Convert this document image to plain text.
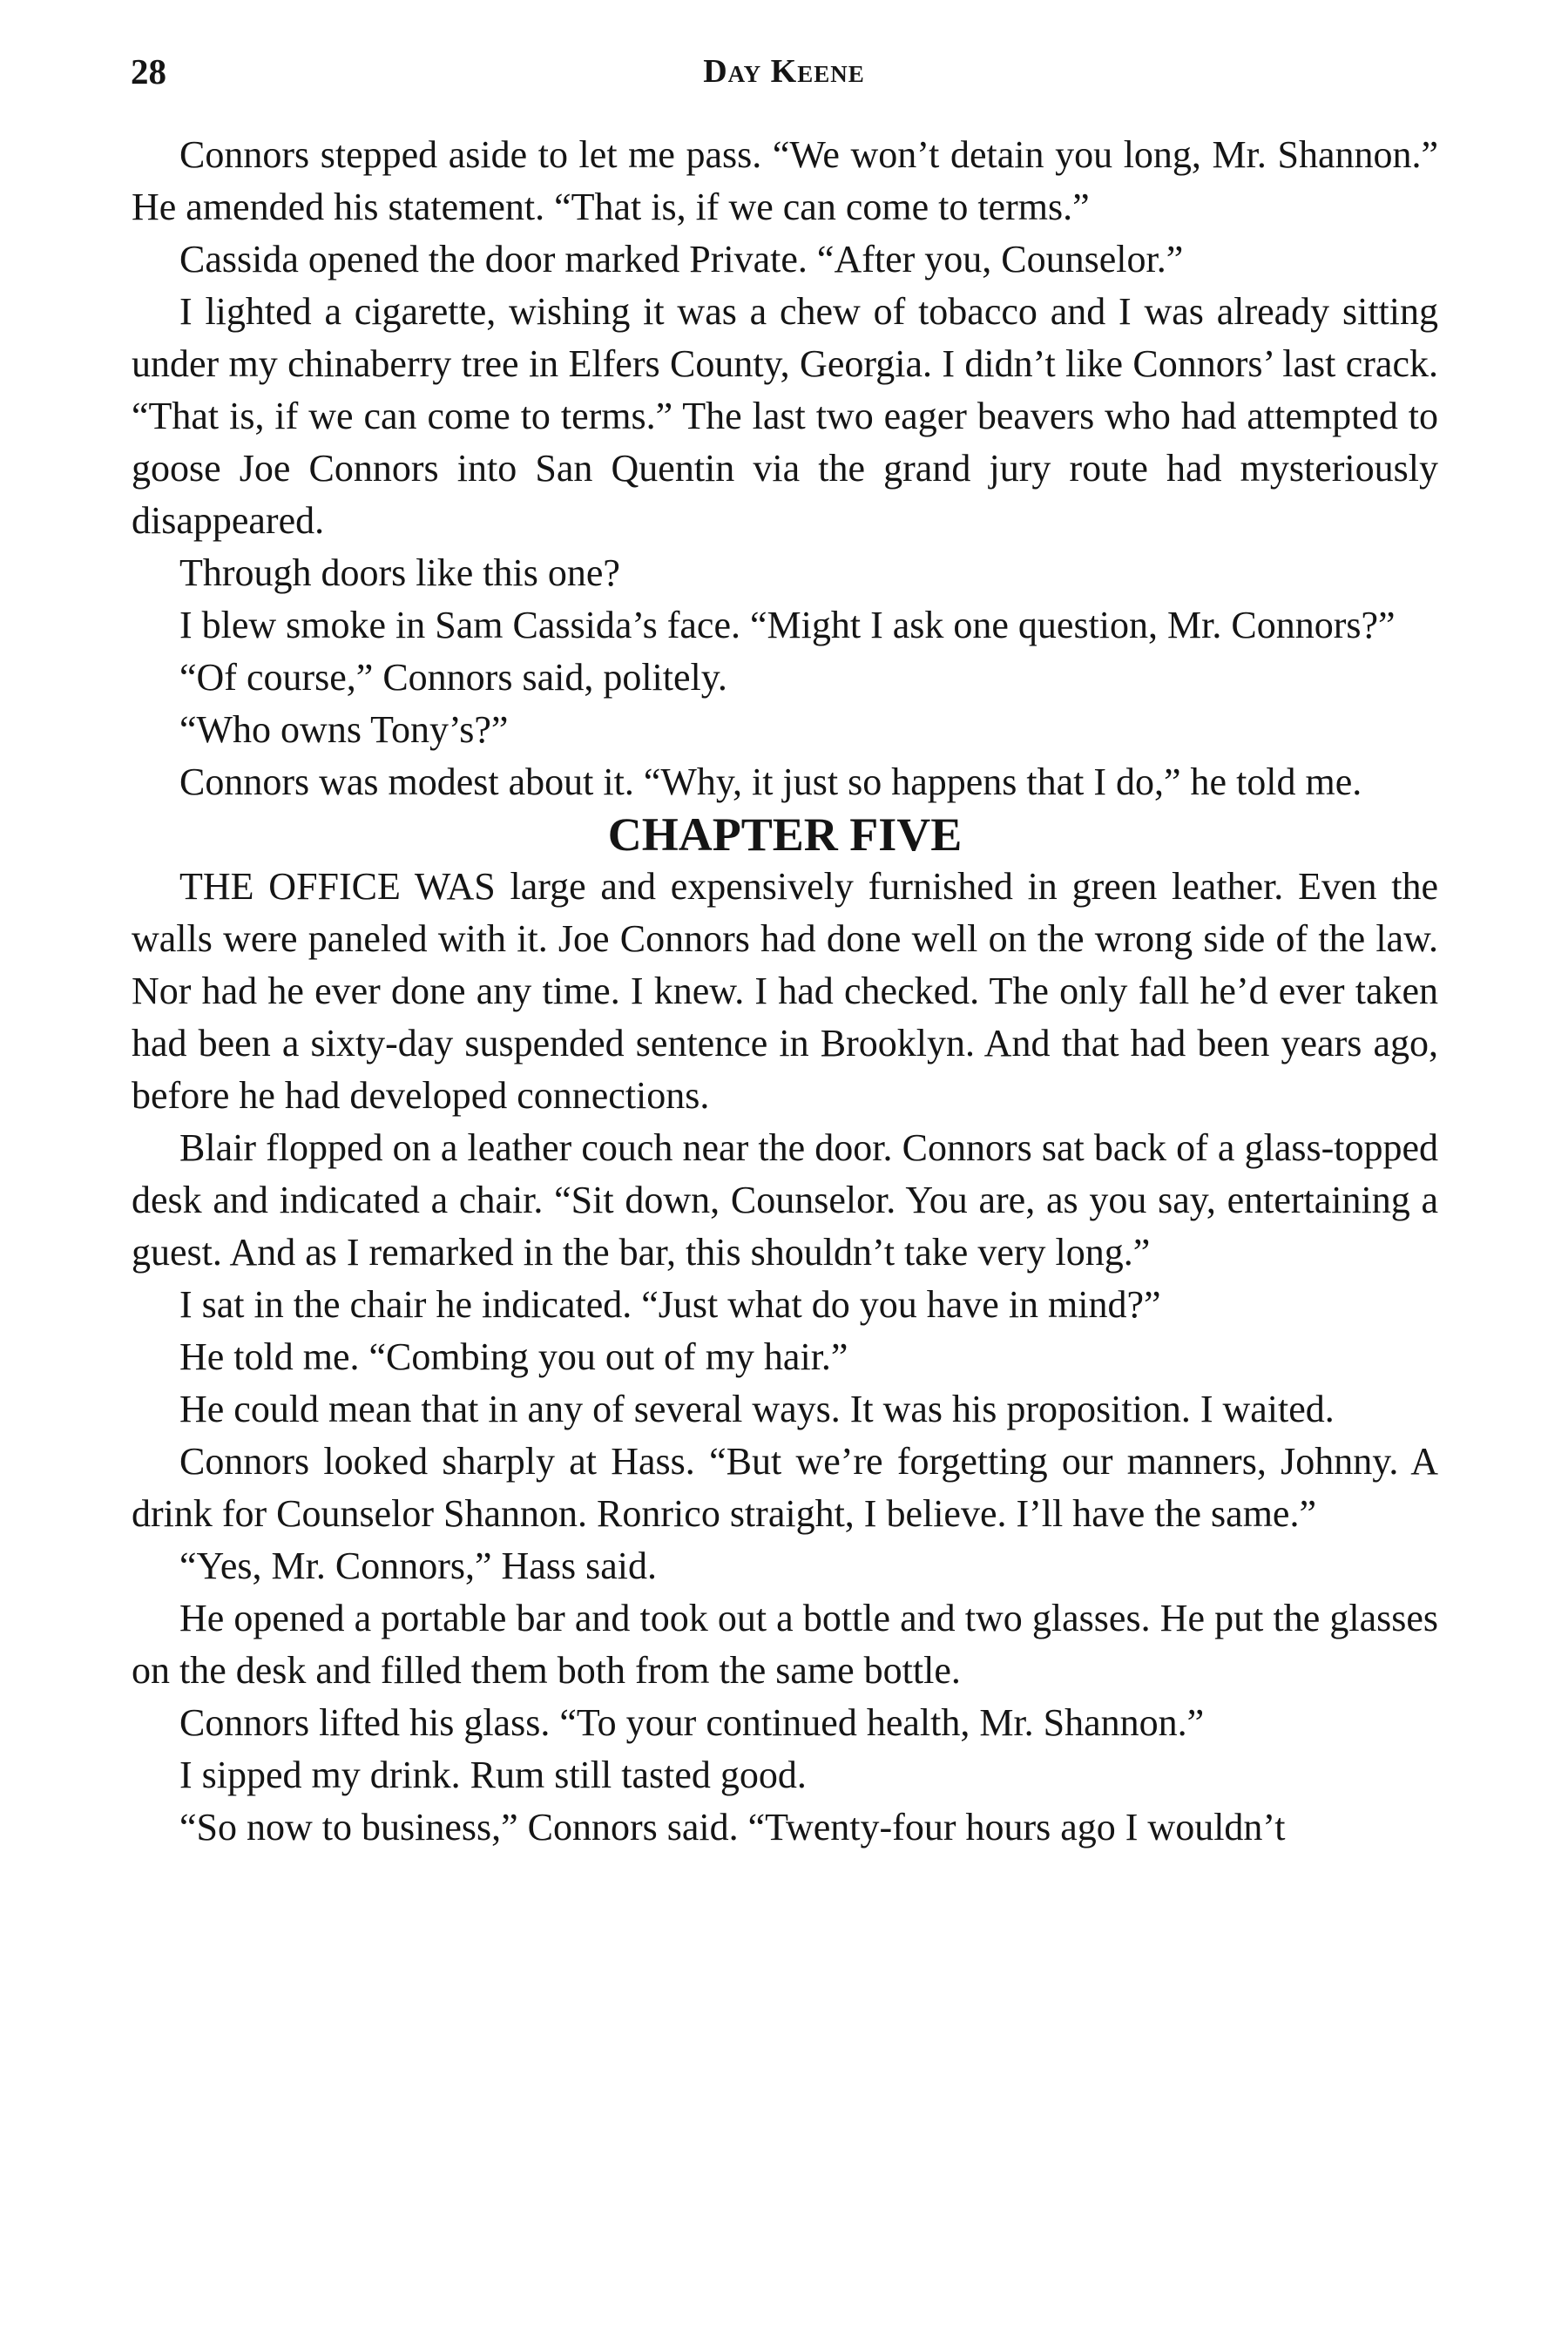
28	Day Keene

Connors stepped aside to let me pass. “We won’t detain you long, Mr. Shannon.” He amended his statement. “That is, if we can come to terms.”

Cassida opened the door marked Private. “After you, Counselor.”

I lighted a cigarette, wishing it was a chew of tobacco and I was already sitting under my chinaberry tree in Elfers County, Georgia. I didn’t like Connors’ last crack. “That is, if we can come to terms.” The last two eager beavers who had attempted to goose Joe Connors into San Quentin via the grand jury route had mysteriously disappeared.

Through doors like this one?

I blew smoke in Sam Cassida’s face. “Might I ask one question, Mr. Connors?”

“Of course,” Connors said, politely.

“Who owns Tony’s?”

Connors was modest about it. “Why, it just so happens that I do,” he told me.

CHAPTER FIVE

THE OFFICE WAS large and expensively furnished in green leather. Even the walls were paneled with it. Joe Connors had done well on the wrong side of the law. Nor had he ever done any time. I knew. I had checked. The only fall he’d ever taken had been a sixty-day suspended sentence in Brooklyn. And that had been years ago, before he had developed connections.

Blair flopped on a leather couch near the door. Connors sat back of a glass-topped desk and indicated a chair. “Sit down, Counselor. You are, as you say, entertaining a guest. And as I remarked in the bar, this shouldn’t take very long.”

I sat in the chair he indicated. “Just what do you have in mind?”

He told me. “Combing you out of my hair.”

He could mean that in any of several ways. It was his proposition. I waited.

Connors looked sharply at Hass. “But we’re forgetting our manners, Johnny. A drink for Counselor Shannon. Ronrico straight, I believe. I’ll have the same.”

“Yes, Mr. Connors,” Hass said.

He opened a portable bar and took out a bottle and two glasses. He put the glasses on the desk and filled them both from the same bottle.

Connors lifted his glass. “To your continued health, Mr. Shannon.”

I sipped my drink. Rum still tasted good.

“So now to business,” Connors said. “Twenty-four hours ago I wouldn’t
